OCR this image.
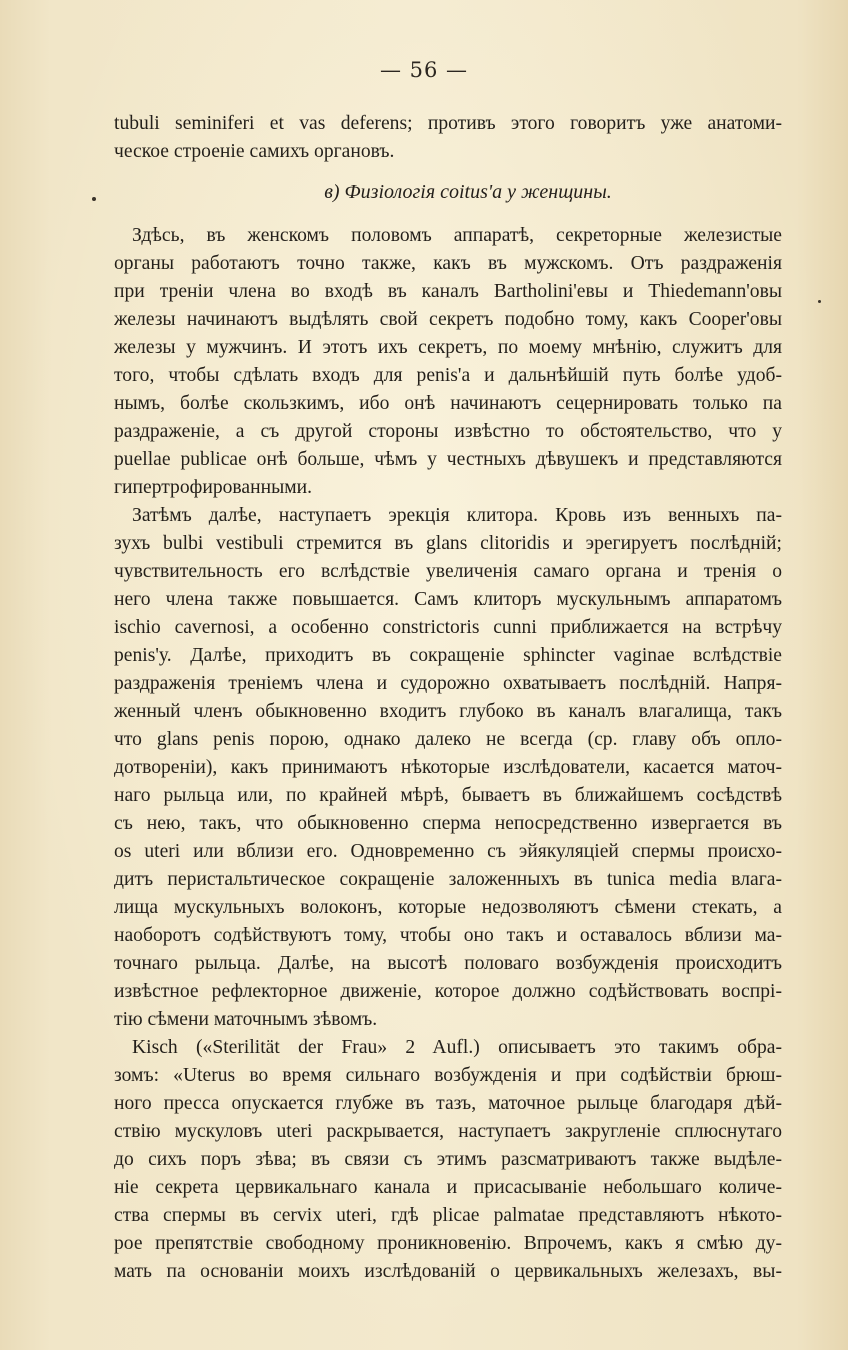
— 56 —
tubuli seminiferi et vas deferens; противъ этого говоритъ уже анатоми-
ческое строеніе самихъ органовъ.
в) Физіологія coitus'a у женщины.
Здѣсь, въ женскомъ половомъ аппаратѣ, секреторные железистые
органы работаютъ точно также, какъ въ мужскомъ. Отъ раздраженія
при треніи члена во входѣ въ каналъ Bartholini'евы и Thiedemann'овы
железы начинаютъ выдѣлять свой секретъ подобно тому, какъ Cooper'овы
железы у мужчинъ. И этотъ ихъ секретъ, по моему мнѣнію, служитъ для
того, чтобы сдѣлать входъ для penis'a и дальнѣйшій путь болѣе удоб-
нымъ, болѣе скользкимъ, ибо онѣ начинаютъ сецернировать только па
раздраженіе, а съ другой стороны извѣстно то обстоятельство, что у
puellae publicae онѣ больше, чѣмъ у честныхъ дѣвушекъ и представляются
гипертрофированными.
Затѣмъ далѣе, наступаетъ эрекція клитора. Кровь изъ венныхъ па-
зухъ bulbi vestibuli стремится въ glans clitoridis и эрегируетъ послѣдній;
чувствительность его вслѣдствіе увеличенія самаго органа и тренія о
него члена также повышается. Самъ клиторъ мускульнымъ аппаратомъ
ischio cavernosi, а особенно constrictoris cunni приближается на встрѣчу
penis'у. Далѣе, приходитъ въ сокращеніе sphincter vaginae вслѣдствіе
раздраженія треніемъ члена и судорожно охватываетъ послѣдній. Напря-
женный членъ обыкновенно входитъ глубоко въ каналъ влагалища, такъ
что glans penis порою, однако далеко не всегда (ср. главу объ опло-
дотвореніи), какъ принимаютъ нѣкоторые изслѣдователи, касается маточ-
наго рыльца или, по крайней мѣрѣ, бываетъ въ ближайшемъ сосѣдствѣ
съ нею, такъ, что обыкновенно сперма непосредственно извергается въ
os uteri или вблизи его. Одновременно съ эйякуляціей спермы происхо-
дитъ перистальтическое сокращеніе заложенныхъ въ tunica media влага-
лища мускульныхъ волоконъ, которые недозволяютъ сѣмени стекать, а
наоборотъ содѣйствуютъ тому, чтобы оно такъ и оставалось вблизи ма-
точнаго рыльца. Далѣе, на высотѣ половаго возбужденія происходитъ
извѣстное рефлекторное движеніе, которое должно содѣйствовать воспрі-
тію сѣмени маточнымъ зѣвомъ.
Kisch («Sterilität der Frau» 2 Aufl.) описываетъ это такимъ обра-
зомъ: «Uterus во время сильнаго возбужденія и при содѣйствіи брюш-
ного пресса опускается глубже въ тазъ, маточное рыльце благодаря дѣй-
ствію мускуловъ uteri раскрывается, наступаетъ закругленіе сплюснутаго
до сихъ поръ зѣва; въ связи съ этимъ разсматриваютъ также выдѣле-
ніе секрета цервикальнаго канала и присасываніе небольшаго количе-
ства спермы въ cervix uteri, гдѣ plicae palmatae представляютъ нѣкото-
рое препятствіе свободному проникновенію. Впрочемъ, какъ я смѣю ду-
мать па основаніи моихъ изслѣдованій о цервикальныхъ железахъ, вы-
